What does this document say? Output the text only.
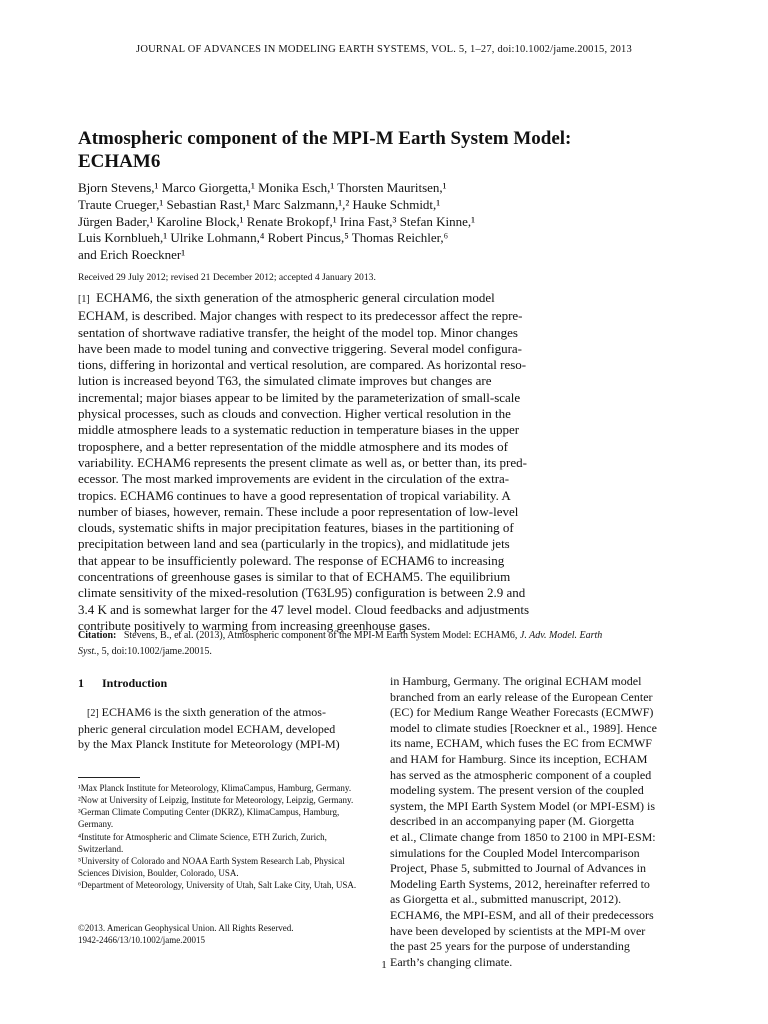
JOURNAL OF ADVANCES IN MODELING EARTH SYSTEMS, VOL. 5, 1–27, doi:10.1002/jame.20015, 2013
Atmospheric component of the MPI-M Earth System Model:
ECHAM6
Bjorn Stevens,¹ Marco Giorgetta,¹ Monika Esch,¹ Thorsten Mauritsen,¹
Traute Crueger,¹ Sebastian Rast,¹ Marc Salzmann,¹,² Hauke Schmidt,¹
Jürgen Bader,¹ Karoline Block,¹ Renate Brokopf,¹ Irina Fast,³ Stefan Kinne,¹
Luis Kornblueh,¹ Ulrike Lohmann,⁴ Robert Pincus,⁵ Thomas Reichler,⁶
and Erich Roeckner¹
Received 29 July 2012; revised 21 December 2012; accepted 4 January 2013.
[1] ECHAM6, the sixth generation of the atmospheric general circulation model
ECHAM, is described. Major changes with respect to its predecessor affect the repre-
sentation of shortwave radiative transfer, the height of the model top. Minor changes
have been made to model tuning and convective triggering. Several model configura-
tions, differing in horizontal and vertical resolution, are compared. As horizontal reso-
lution is increased beyond T63, the simulated climate improves but changes are
incremental; major biases appear to be limited by the parameterization of small-scale
physical processes, such as clouds and convection. Higher vertical resolution in the
middle atmosphere leads to a systematic reduction in temperature biases in the upper
troposphere, and a better representation of the middle atmosphere and its modes of
variability. ECHAM6 represents the present climate as well as, or better than, its pred-
ecessor. The most marked improvements are evident in the circulation of the extra-
tropics. ECHAM6 continues to have a good representation of tropical variability. A
number of biases, however, remain. These include a poor representation of low-level
clouds, systematic shifts in major precipitation features, biases in the partitioning of
precipitation between land and sea (particularly in the tropics), and midlatitude jets
that appear to be insufficiently poleward. The response of ECHAM6 to increasing
concentrations of greenhouse gases is similar to that of ECHAM5. The equilibrium
climate sensitivity of the mixed-resolution (T63L95) configuration is between 2.9 and
3.4 K and is somewhat larger for the 47 level model. Cloud feedbacks and adjustments
contribute positively to warming from increasing greenhouse gases.
Citation: Stevens, B., et al. (2013), Atmospheric component of the MPI-M Earth System Model: ECHAM6, J. Adv. Model. Earth
Syst., 5, doi:10.1002/jame.20015.
1 Introduction
[2] ECHAM6 is the sixth generation of the atmos-
pheric general circulation model ECHAM, developed
by the Max Planck Institute for Meteorology (MPI-M)
¹Max Planck Institute for Meteorology, KlimaCampus, Hamburg, Germany.
²Now at University of Leipzig, Institute for Meteorology, Leipzig, Germany.
³German Climate Computing Center (DKRZ), KlimaCampus, Hamburg, Germany.
⁴Institute for Atmospheric and Climate Science, ETH Zurich, Zurich, Switzerland.
⁵University of Colorado and NOAA Earth System Research Lab, Physical Sciences Division, Boulder, Colorado, USA.
⁶Department of Meteorology, University of Utah, Salt Lake City, Utah, USA.
©2013. American Geophysical Union. All Rights Reserved.
1942-2466/13/10.1002/jame.20015
in Hamburg, Germany. The original ECHAM model
branched from an early release of the European Center
(EC) for Medium Range Weather Forecasts (ECMWF)
model to climate studies [Roeckner et al., 1989]. Hence
its name, ECHAM, which fuses the EC from ECMWF
and HAM for Hamburg. Since its inception, ECHAM
has served as the atmospheric component of a coupled
modeling system. The present version of the coupled
system, the MPI Earth System Model (or MPI-ESM) is
described in an accompanying paper (M. Giorgetta
et al., Climate change from 1850 to 2100 in MPI-ESM:
simulations for the Coupled Model Intercomparison
Project, Phase 5, submitted to Journal of Advances in
Modeling Earth Systems, 2012, hereinafter referred to
as Giorgetta et al., submitted manuscript, 2012).
ECHAM6, the MPI-ESM, and all of their predecessors
have been developed by scientists at the MPI-M over
the past 25 years for the purpose of understanding
Earth’s changing climate.
1
